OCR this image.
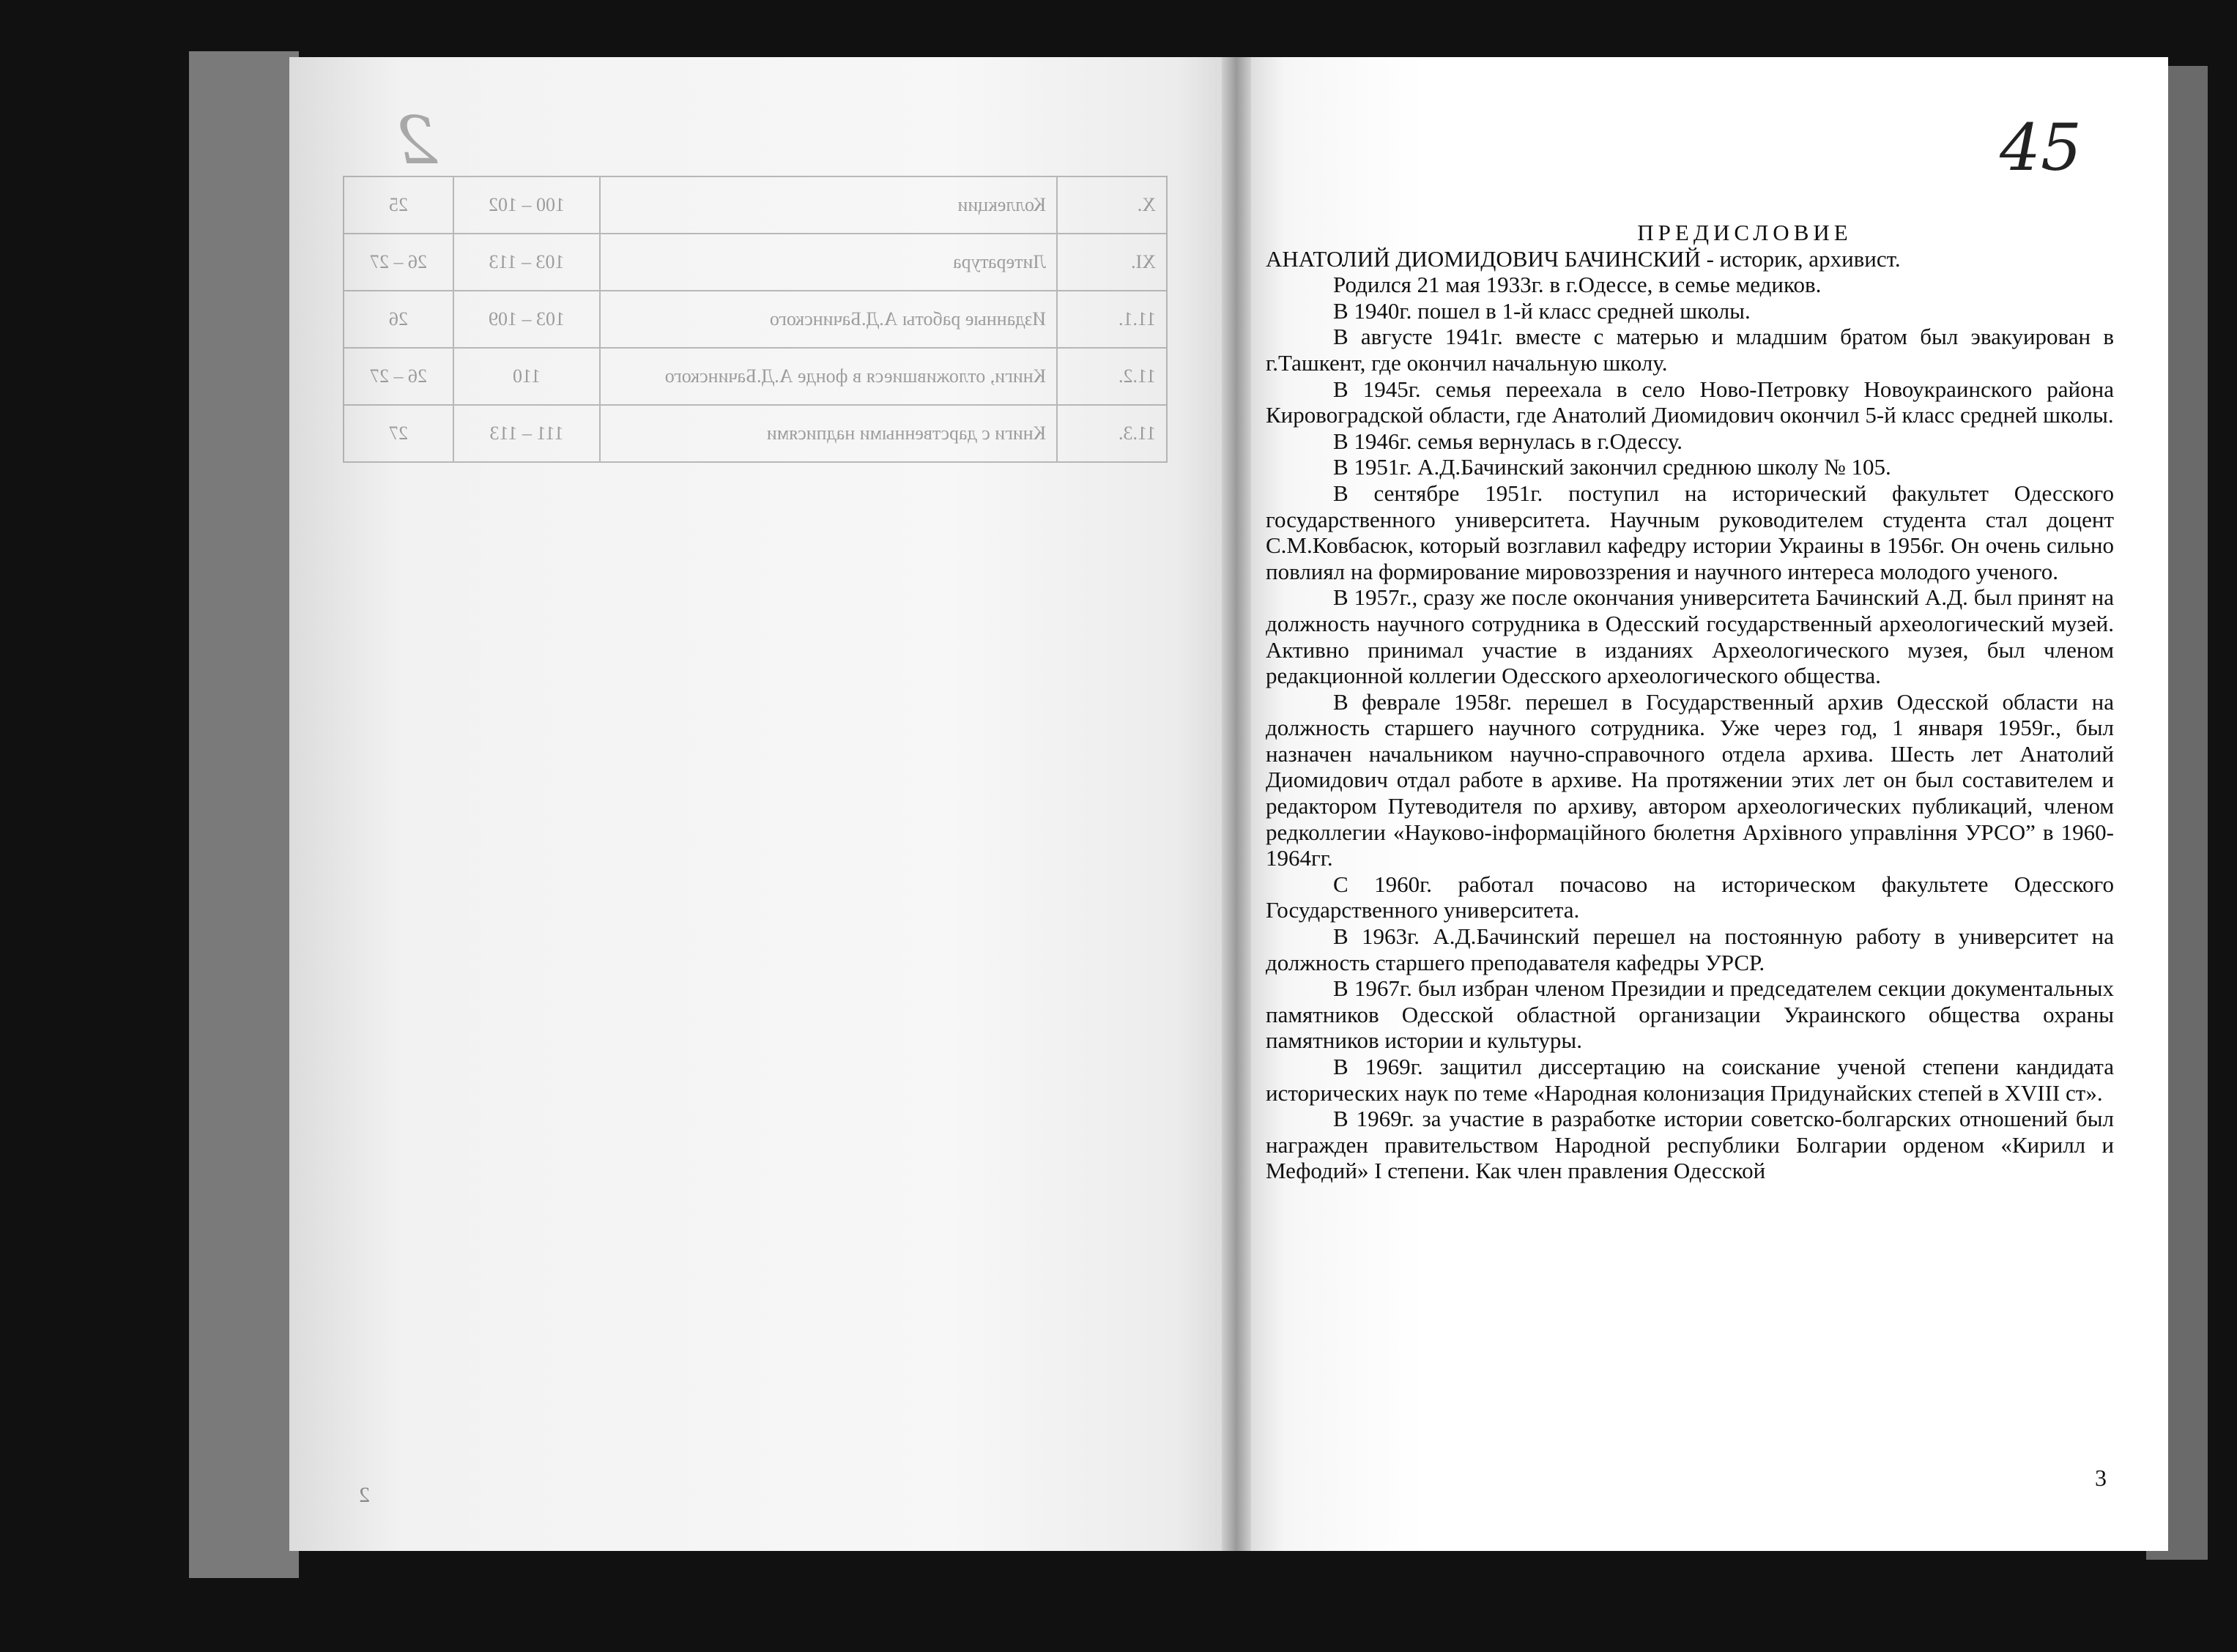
2
X.	Коллекции	100 – 102	25
XI.	Литература	103 – 113	26 – 27
11.1.	Изданные работы А.Д.Бачинского	103 – 109	26
11.2.	Книги, отложившиеся в фонде А.Д.Бачинского	110	26 – 27
11.3.	Книги с дарственными надписями	111 – 113	27
2
45
ПРЕДИСЛОВИЕ
АНАТОЛИЙ ДИОМИДОВИЧ БАЧИНСКИЙ - историк, архивист.
Родился 21 мая 1933г. в г.Одессе, в семье медиков.
В 1940г. пошел в 1-й класс средней школы.
В августе 1941г. вместе с матерью и младшим братом был эвакуирован в г.Ташкент, где окончил начальную школу.
В 1945г. семья переехала в село Ново-Петровку Новоукраинского района Кировоградской области, где Анатолий Диомидович окончил 5-й класс средней школы.
В 1946г. семья вернулась в г.Одессу.
В 1951г. А.Д.Бачинский закончил среднюю школу № 105.
В сентябре 1951г. поступил на исторический факультет Одесского государственного университета. Научным руководителем студента стал доцент С.М.Ковбасюк, который возглавил кафедру истории Украины в 1956г. Он очень сильно повлиял на формирование мировоззрения и научного интереса молодого ученого.
В 1957г., сразу же после окончания университета Бачинский А.Д. был принят на должность научного сотрудника в Одесский государственный археологический музей. Активно принимал участие в изданиях Археологического музея, был членом редакционной коллегии Одесского археологического общества.
В феврале 1958г. перешел в Государственный архив Одесской области на должность старшего научного сотрудника. Уже через год, 1 января 1959г., был назначен начальником научно-справочного отдела архива. Шесть лет Анатолий Диомидович отдал работе в архиве. На протяжении этих лет он был составителем и редактором Путеводителя по архиву, автором археологических публикаций, членом редколлегии «Науково-інформаційного бюлетня Архівного управління УРСО” в 1960-1964гг.
С 1960г. работал почасово на историческом факультете Одесского Государственного университета.
В 1963г. А.Д.Бачинский перешел на постоянную работу в университет на должность старшего преподавателя кафедры УРСР.
В 1967г. был избран членом Президии и председателем секции документальных памятников Одесской областной организации Украинского общества охраны памятников истории и культуры.
В 1969г. защитил диссертацию на соискание ученой степени кандидата исторических наук по теме «Народная колонизация Придунайских степей в XVIII ст».
В 1969г. за участие в разработке истории советско-болгарских отношений был награжден правительством Народной республики Болгарии орденом «Кирилл и Мефодий» I степени. Как член правления Одесской
3
